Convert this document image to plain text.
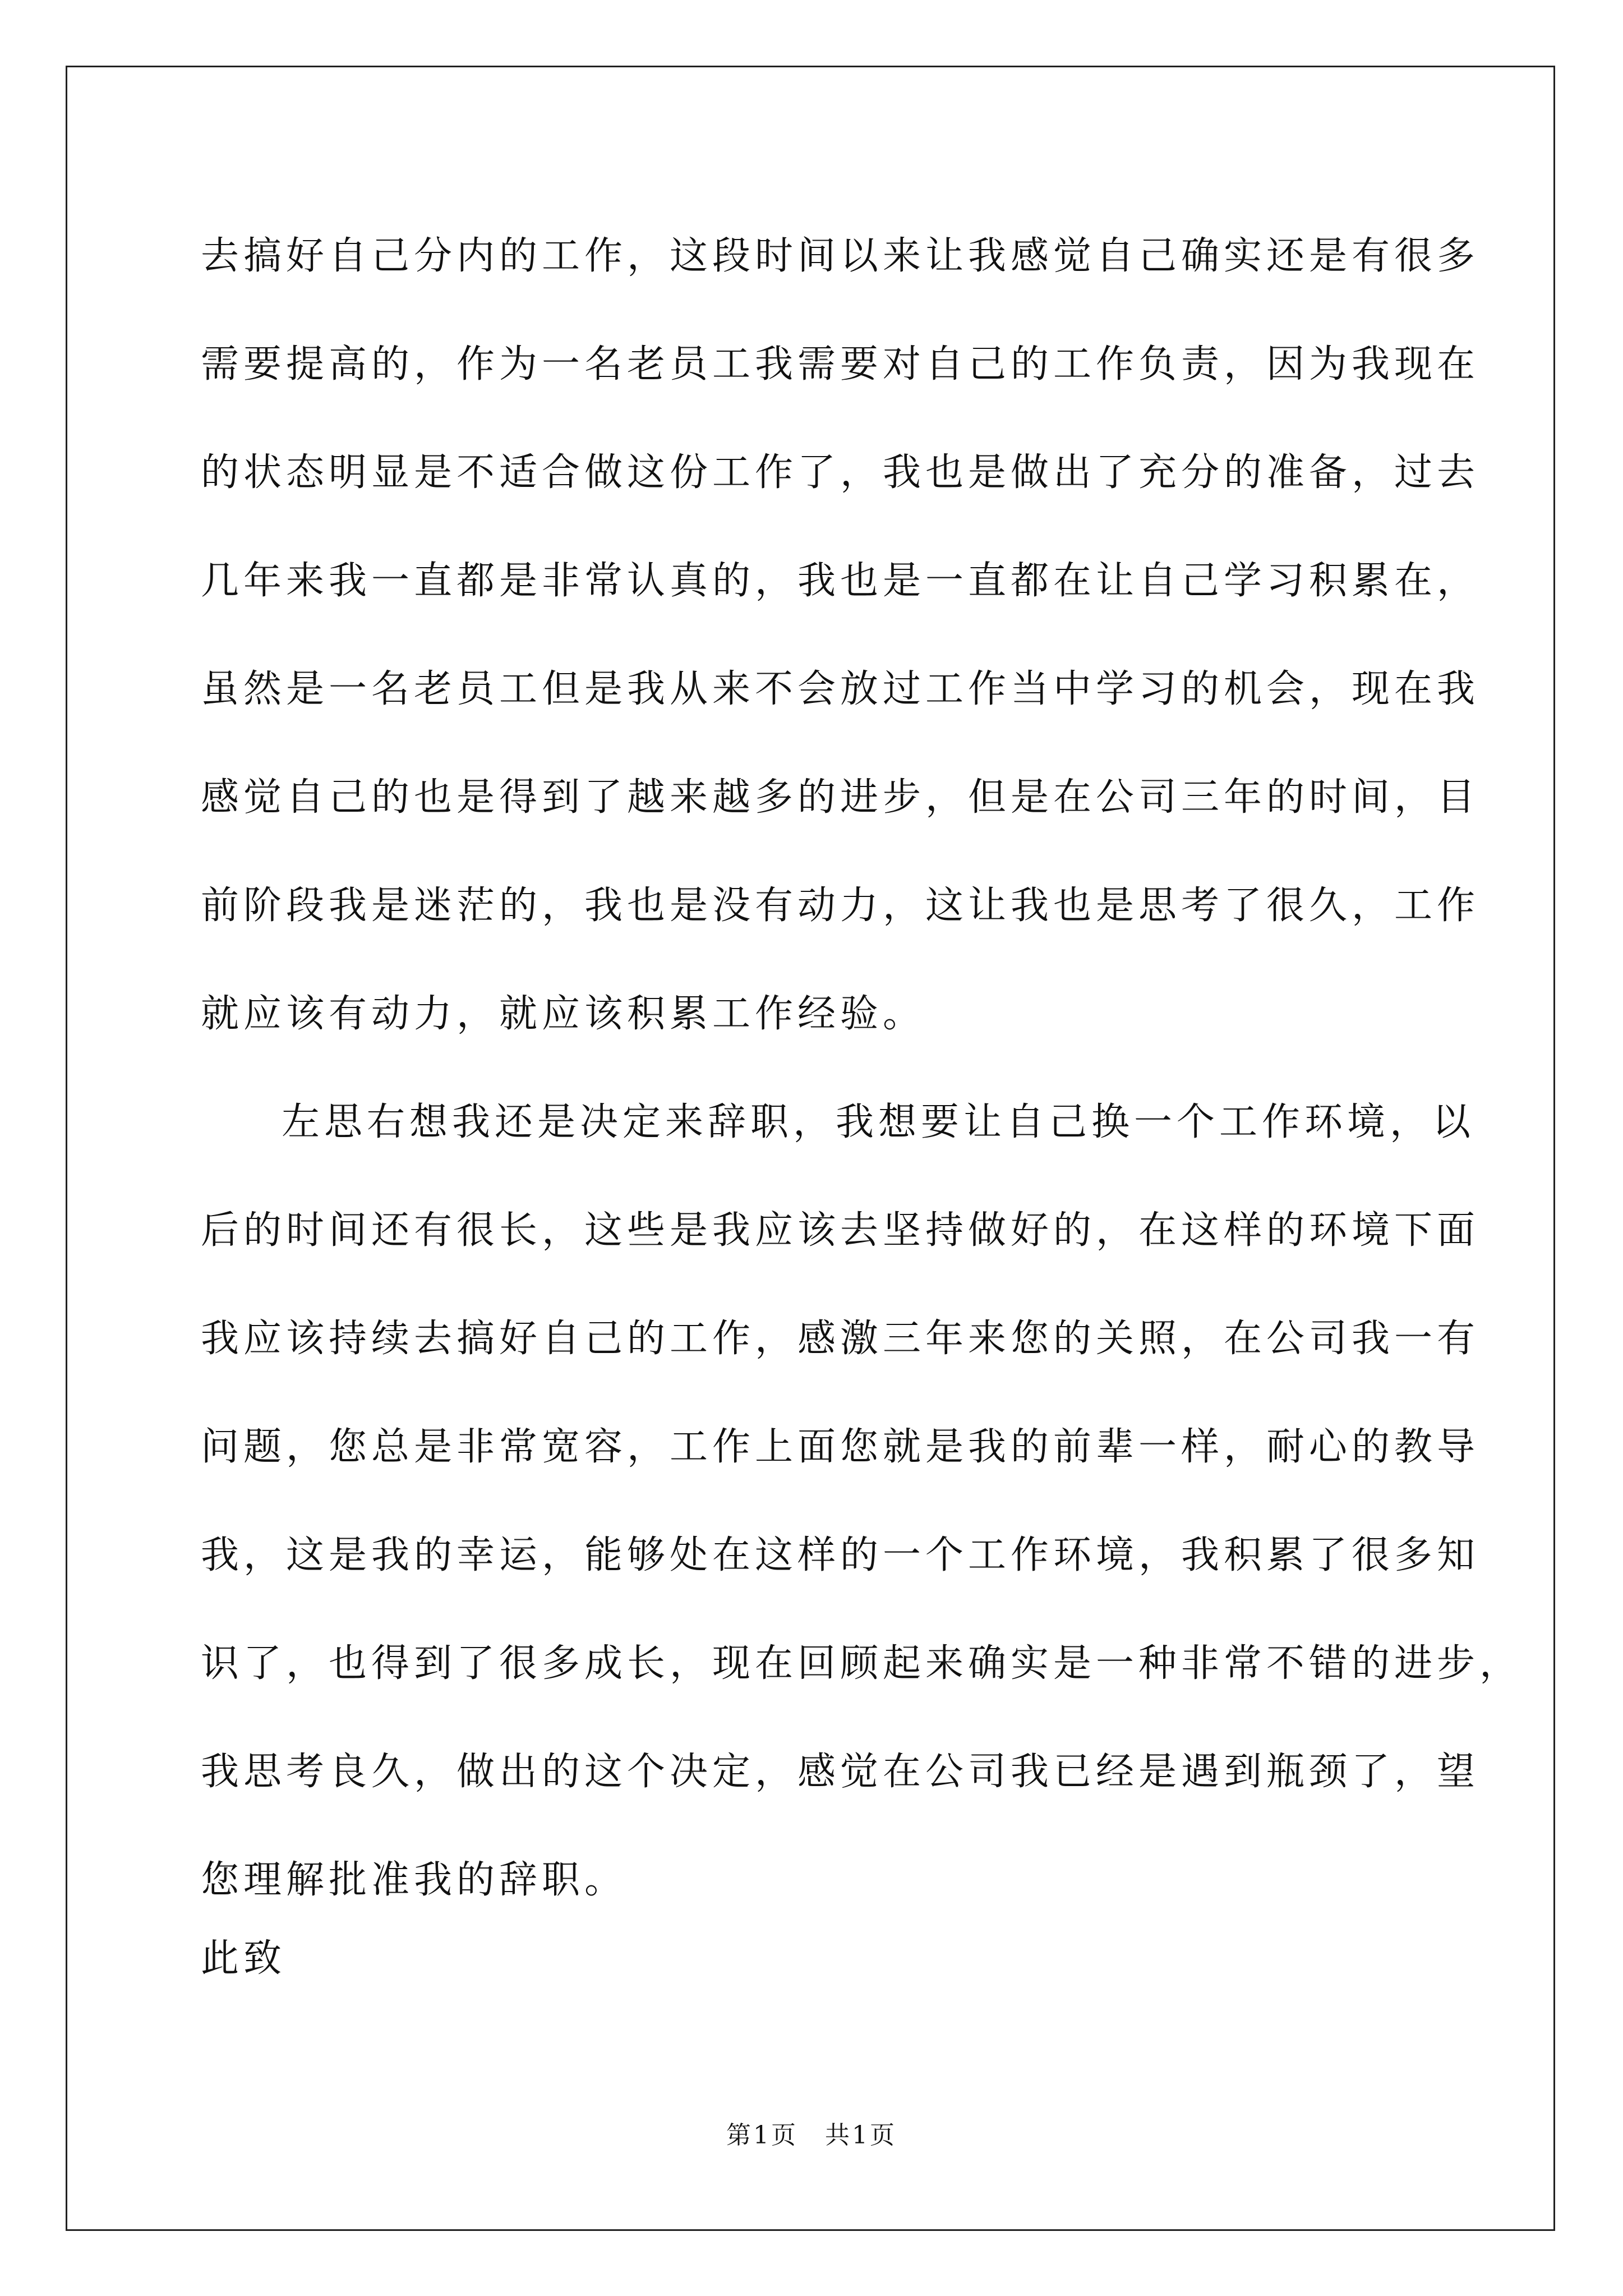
去搞好自己分内的工作，这段时间以来让我感觉自己确实还是有很多
需要提高的，作为一名老员工我需要对自己的工作负责，因为我现在
的状态明显是不适合做这份工作了，我也是做出了充分的准备，过去
几年来我一直都是非常认真的，我也是一直都在让自己学习积累在，
虽然是一名老员工但是我从来不会放过工作当中学习的机会，现在我
感觉自己的也是得到了越来越多的进步，但是在公司三年的时间，目
前阶段我是迷茫的，我也是没有动力，这让我也是思考了很久，工作
就应该有动力，就应该积累工作经验。
左思右想我还是决定来辞职，我想要让自己换一个工作环境，以
后的时间还有很长，这些是我应该去坚持做好的，在这样的环境下面
我应该持续去搞好自己的工作，感激三年来您的关照，在公司我一有
问题，您总是非常宽容，工作上面您就是我的前辈一样，耐心的教导
我，这是我的幸运，能够处在这样的一个工作环境，我积累了很多知
识了，也得到了很多成长，现在回顾起来确实是一种非常不错的进步，
我思考良久，做出的这个决定，感觉在公司我已经是遇到瓶颈了，望
您理解批准我的辞职。
此致
第1页　共1页
